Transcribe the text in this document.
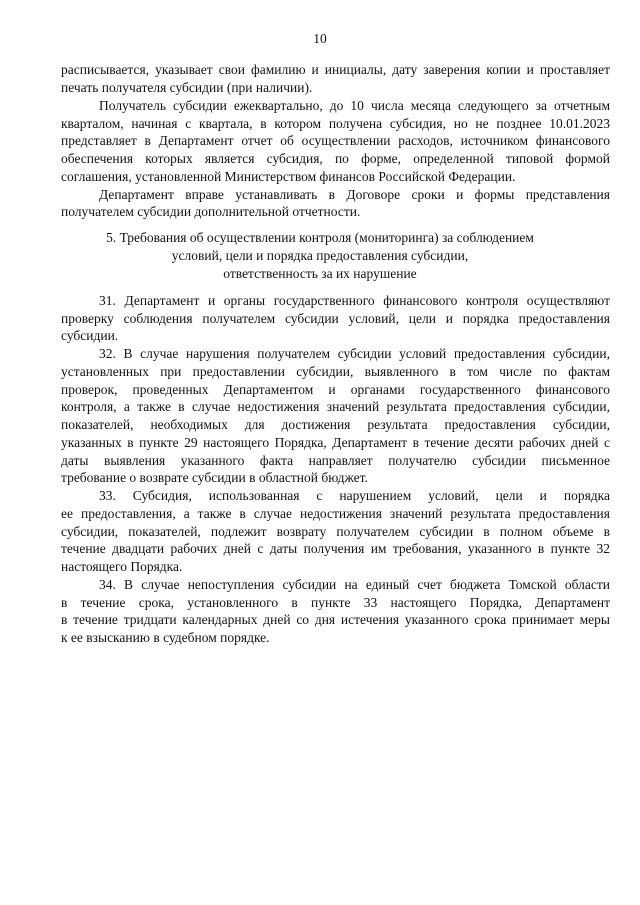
10

расписывается, указывает свои фамилию и инициалы, дату заверения копии и проставляет

печать получателя субсидии (при наличии).

Получатель субсидии ежеквартально, до 10 числа месяца следующего за отчетным

кварталом, начиная с квартала, в котором получена субсидия, но не позднее 10.01.2023

представляет в Департамент отчет об осуществлении расходов, источником финансового

обеспечения которых является субсидия, по форме, определенной типовой формой

соглашения, установленной Министерством финансов Российской Федерации.

Департамент вправе устанавливать в Договоре сроки и формы представления

получателем субсидии дополнительной отчетности.

5. Требования об осуществлении контроля (мониторинга) за соблюдением

условий, цели и порядка предоставления субсидии,

ответственность за их нарушение

31. Департамент и органы государственного финансового контроля осуществляют

проверку соблюдения получателем субсидии условий, цели и порядка предоставления

субсидии.

32. В случае нарушения получателем субсидии условий предоставления субсидии,

установленных при предоставлении субсидии, выявленного в том числе по фактам

проверок, проведенных Департаментом и органами государственного финансового

контроля, а также в случае недостижения значений результата предоставления субсидии,

показателей, необходимых для достижения результата предоставления субсидии,

указанных в пункте 29 настоящего Порядка, Департамент в течение десяти рабочих дней с

даты выявления указанного факта направляет получателю субсидии письменное

требование о возврате субсидии в областной бюджет.

33. Субсидия, использованная с нарушением условий, цели и порядка

ее предоставления, а также в случае недостижения значений результата предоставления

субсидии, показателей, подлежит возврату получателем субсидии в полном объеме в

течение двадцати рабочих дней с даты получения им требования, указанного в пункте 32

настоящего Порядка.

34. В случае непоступления субсидии на единый счет бюджета Томской области

в течение срока, установленного в пункте 33 настоящего Порядка, Департамент

в течение тридцати календарных дней со дня истечения указанного срока принимает меры

к ее взысканию в судебном порядке.
